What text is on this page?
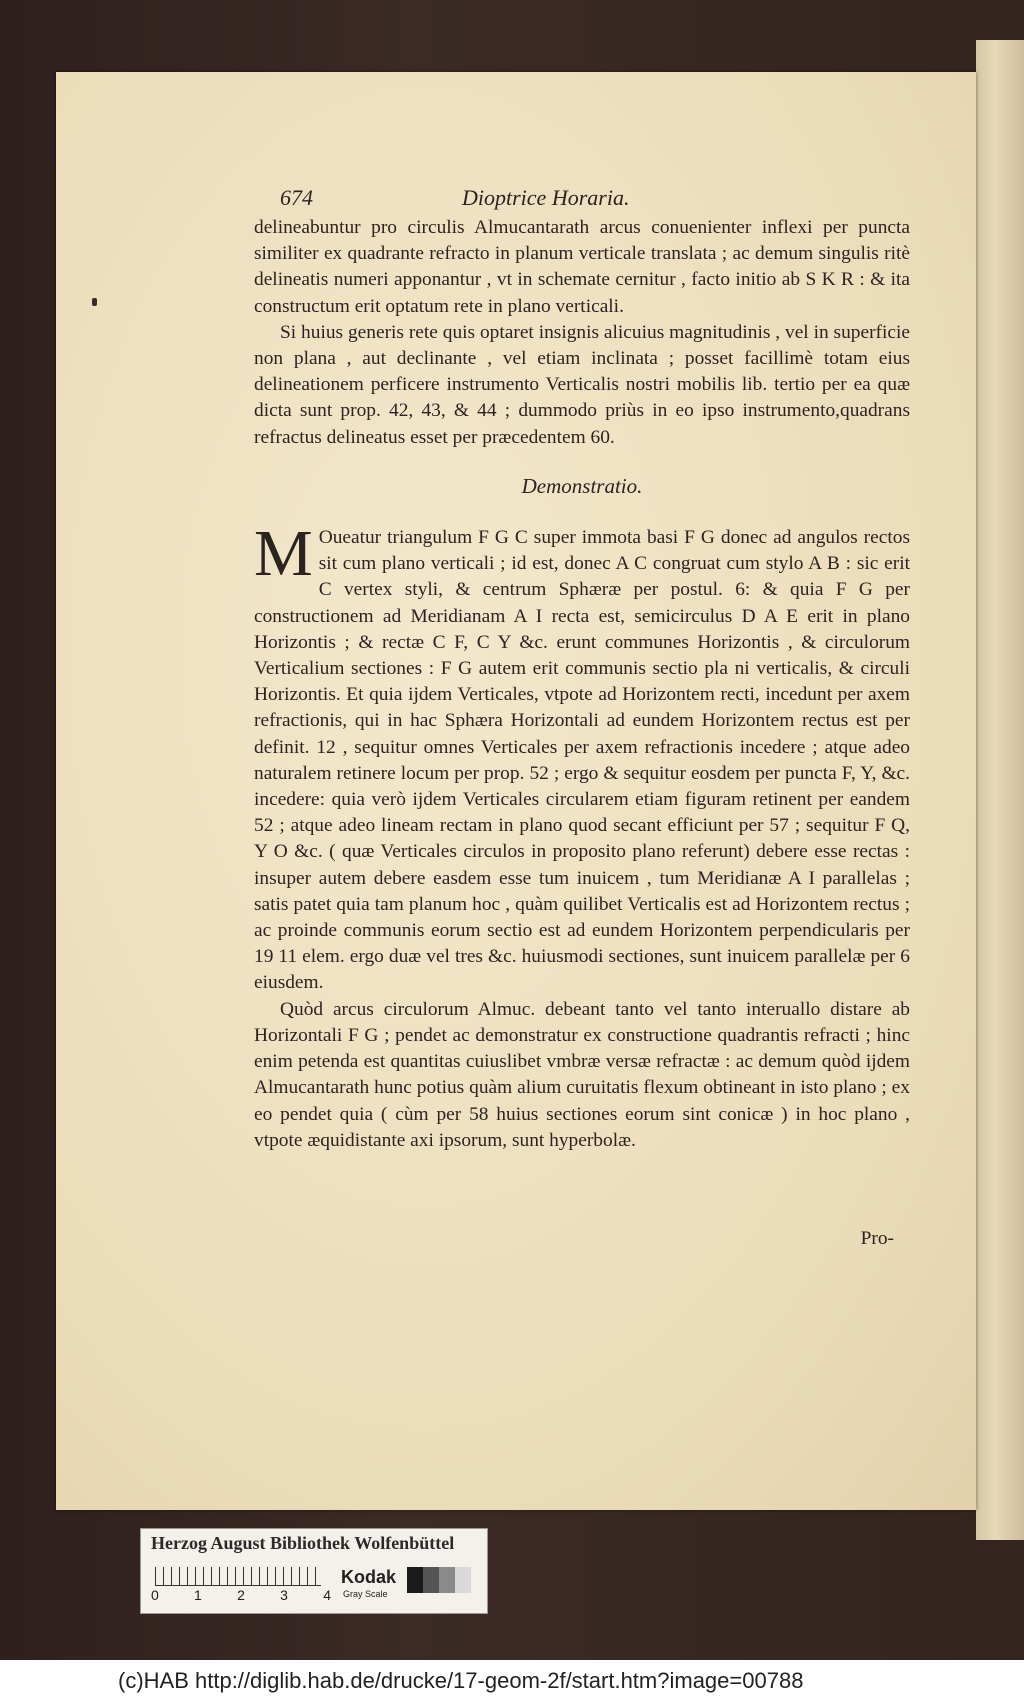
674	Dioptrice Horaria.

delineabuntur pro circulis Almucantarath arcus conuenienter inflexi per puncta similiter ex quadrante refracto in planum verticale translata ; ac demum singulis ritè delineatis numeri apponantur , vt in schemate cernitur , facto initio ab S K R : & ita constructum erit optatum rete in plano verticali.

Si huius generis rete quis optaret insignis alicuius magnitudinis , vel in superficie non plana , aut declinante , vel etiam inclinata ; posset facillimè totam eius delineationem perficere instrumento Verticalis nostri mobilis lib. tertio per ea quæ dicta sunt prop. 42, 43, & 44 ; dummodo priùs in eo ipso instrumento,quadrans refractus delineatus esset per præcedentem 60.

Demonstratio.

M Oueatur triangulum F G C super immota basi F G donec ad angulos rectos sit cum plano verticali ; id est, donec A C congruat cum stylo A B : sic erit C vertex styli, & centrum Sphæræ per postul. 6: & quia F G per constructionem ad Meridianam A I recta est, semicirculus D A E erit in plano Horizontis ; & rectæ C F, C Y &c. erunt communes Horizontis , & circulorum Verticalium sectiones : F G autem erit communis sectio pla ni verticalis, & circuli Horizontis. Et quia ijdem Verticales, vtpote ad Horizontem recti, incedunt per axem refractionis, qui in hac Sphæra Horizontali ad eundem Horizontem rectus est per definit. 12 , sequitur omnes Verticales per axem refractionis incedere ; atque adeo naturalem retinere locum per prop. 52 ; ergo & sequitur eosdem per puncta F, Y, &c. incedere: quia verò ijdem Verticales circularem etiam figuram retinent per eandem 52 ; atque adeo lineam rectam in plano quod secant efficiunt per 57 ; sequitur F Q, Y O &c. ( quæ Verticales circulos in proposito plano referunt) debere esse rectas : insuper autem debere easdem esse tum inuicem , tum Meridianæ A I parallelas ; satis patet quia tam planum hoc , quàm quilibet Verticalis est ad Horizontem rectus ; ac proinde communis eorum sectio est ad eundem Horizontem perpendicularis per 19 11 elem. ergo duæ vel tres &c. huiusmodi sectiones, sunt inuicem parallelæ per 6 eiusdem.

Quòd arcus circulorum Almuc. debeant tanto vel tanto interuallo distare ab Horizontali F G ; pendet ac demonstratur ex constructione quadrantis refracti ; hinc enim petenda est quantitas cuiuslibet vmbræ versæ refractæ : ac demum quòd ijdem Almucantarath hunc potius quàm alium curuitatis flexum obtineant in isto plano ; ex eo pendet quia ( cùm per 58 huius sectiones eorum sint conicæ ) in hoc plano , vtpote æquidistante axi ipsorum, sunt hyperbolæ.

Pro-
Herzog August Bibliothek Wolfenbüttel
0	1	2	3	4
Kodak
Gray Scale
(c)HAB http://diglib.hab.de/drucke/17-geom-2f/start.htm?image=00788
